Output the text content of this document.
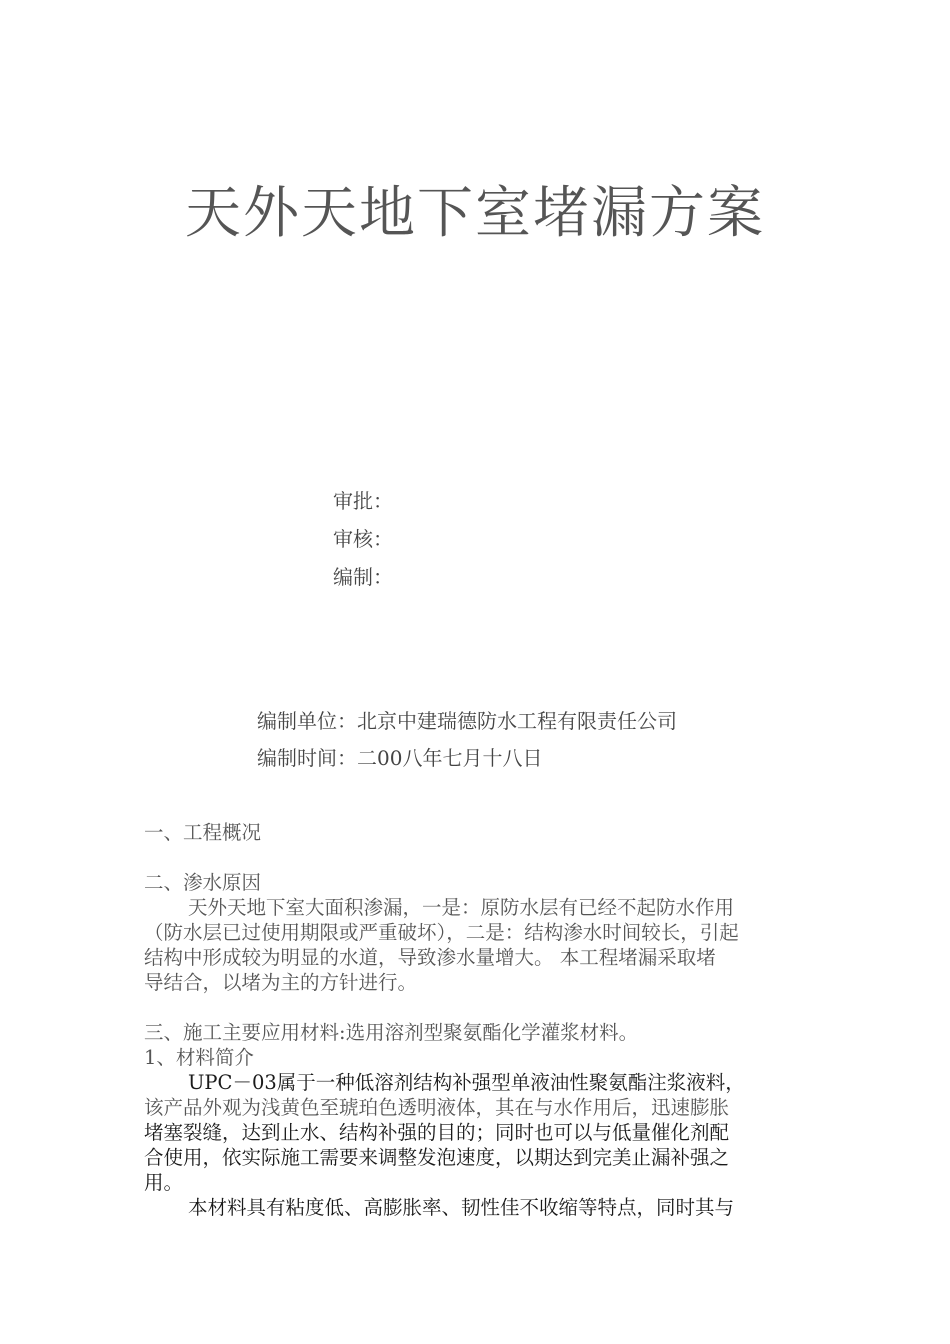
天外天地下室堵漏方案
审批：
审核：
编制：
编制单位：北京中建瑞德防水工程有限责任公司
编制时间：二00八年七月十八日
一、工程概况
二、渗水原因
天外天地下室大面积渗漏，一是：原防水层有已经不起防水作用
（防水层已过使用期限或严重破坏），二是：结构渗水时间较长，引起
结构中形成较为明显的水道，导致渗水量增大。 本工程堵漏采取堵
导结合，以堵为主的方针进行。
三、施工主要应用材料:选用溶剂型聚氨酯化学灌浆材料。
1、材料简介
UPC－03属于一种低溶剂结构补强型单液油性聚氨酯注浆液料，
该产品外观为浅黄色至琥珀色透明液体，其在与水作用后，迅速膨胀
堵塞裂缝，达到止水、结构补强的目的；同时也可以与低量催化剂配
合使用，依实际施工需要来调整发泡速度，以期达到完美止漏补强之
用。
本材料具有粘度低、高膨胀率、韧性佳不收缩等特点，同时其与
